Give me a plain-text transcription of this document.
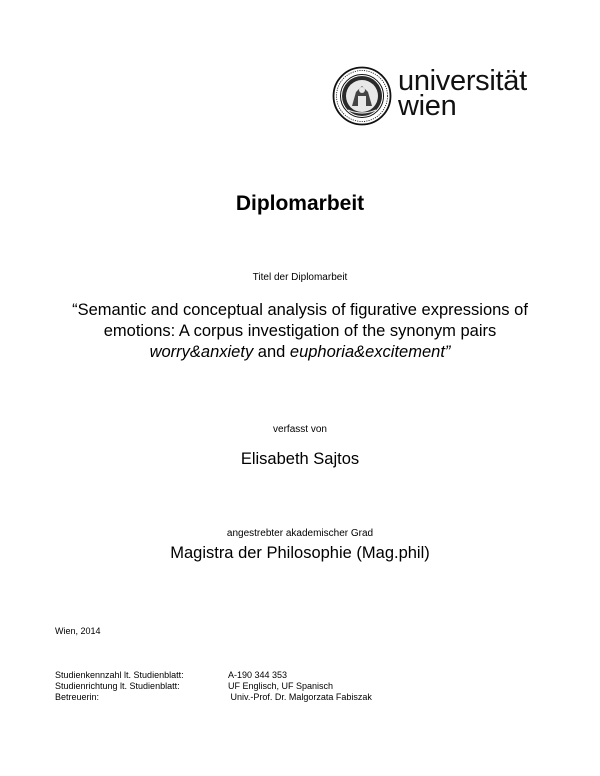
universität
wien
Diplomarbeit
Titel der Diplomarbeit
“Semantic and conceptual analysis of figurative expressions of
emotions: A corpus investigation of the synonym pairs
worry&anxiety and euphoria&excitement”
verfasst von
Elisabeth Sajtos
angestrebter akademischer Grad
Magistra der Philosophie (Mag.phil)
Wien, 2014
Studienkennzahl lt. Studienblatt:	A-190 344 353
Studienrichtung lt. Studienblatt:	UF Englisch, UF Spanisch
Betreuerin:	Univ.-Prof. Dr. Malgorzata Fabiszak
